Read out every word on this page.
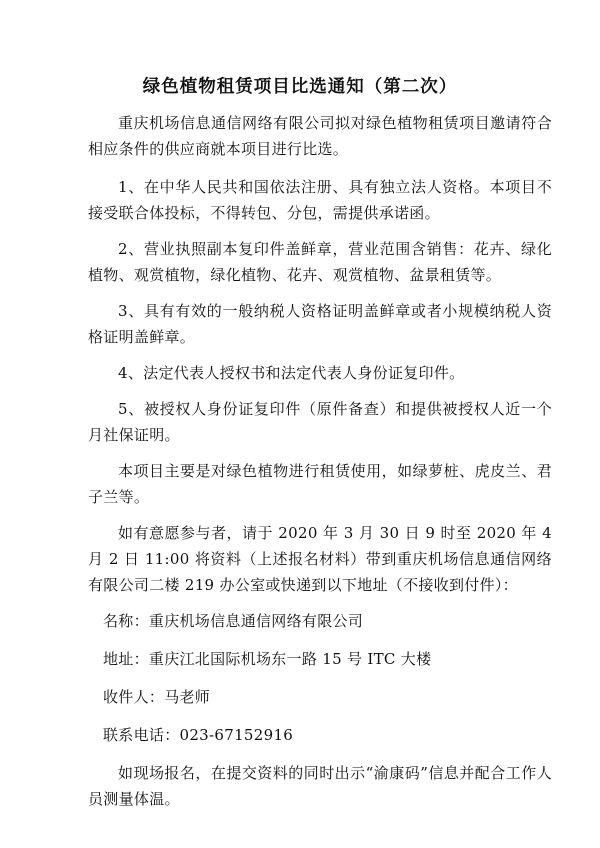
绿色植物租赁项目比选通知（第二次）

重庆机场信息通信网络有限公司拟对绿色植物租赁项目邀请符合相应条件的供应商就本项目进行比选。

1、在中华人民共和国依法注册、具有独立法人资格。本项目不接受联合体投标，不得转包、分包，需提供承诺函。

2、营业执照副本复印件盖鲜章，营业范围含销售：花卉、绿化植物、观赏植物，绿化植物、花卉、观赏植物、盆景租赁等。

3、具有有效的一般纳税人资格证明盖鲜章或者小规模纳税人资格证明盖鲜章。

4、法定代表人授权书和法定代表人身份证复印件。

5、被授权人身份证复印件（原件备查）和提供被授权人近一个月社保证明。

本项目主要是对绿色植物进行租赁使用，如绿萝桩、虎皮兰、君子兰等。

如有意愿参与者，请于 2020 年 3 月 30 日 9 时至 2020 年 4 月 2 日 11:00 将资料（上述报名材料）带到重庆机场信息通信网络有限公司二楼 219 办公室或快递到以下地址（不接收到付件）：

名称：重庆机场信息通信网络有限公司

地址：重庆江北国际机场东一路 15 号 ITC 大楼

收件人：马老师

联系电话：023-67152916

如现场报名，在提交资料的同时出示“渝康码”信息并配合工作人员测量体温。
